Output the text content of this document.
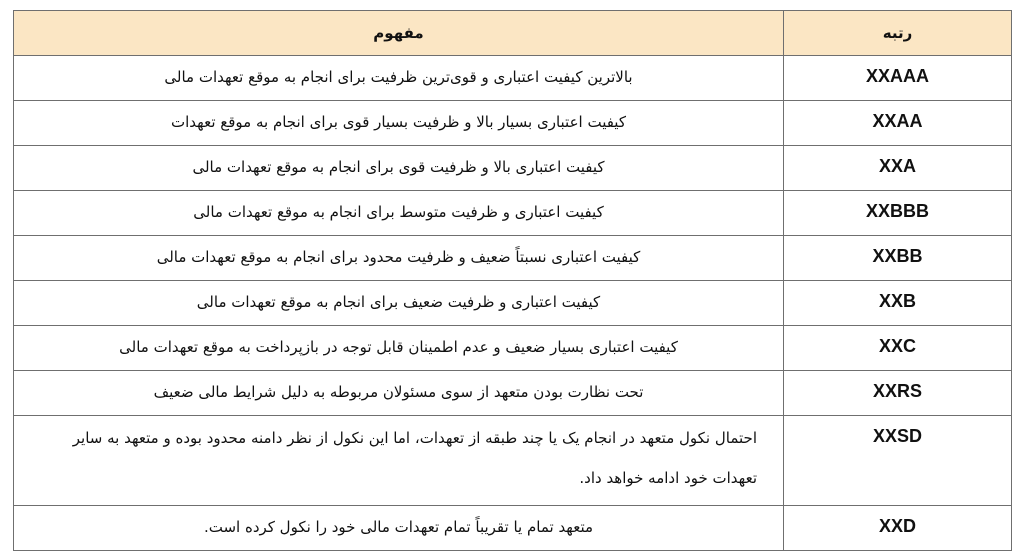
رتبه	مفهوم
XXAAA	بالاترین کیفیت اعتباری و قوی‌ترین ظرفیت برای انجام به موقع تعهدات مالی
XXAA	کیفیت اعتباری بسیار بالا و ظرفیت بسیار قوی برای انجام به موقع تعهدات
XXA	کیفیت اعتباری بالا و ظرفیت قوی برای انجام به موقع تعهدات مالی
XXBBB	کیفیت اعتباری و ظرفیت متوسط برای انجام به موقع تعهدات مالی
XXBB	کیفیت اعتباری نسبتاً ضعیف و ظرفیت محدود برای انجام به موقع تعهدات مالی
XXB	کیفیت اعتباری و ظرفیت ضعیف برای انجام به موقع تعهدات مالی
XXC	کیفیت اعتباری بسیار ضعیف و عدم اطمینان قابل توجه در بازپرداخت به موقع تعهدات مالی
XXRS	تحت نظارت بودن متعهد از سوی مسئولان مربوطه به دلیل شرایط مالی ضعیف
XXSD	احتمال نکول متعهد در انجام یک یا چند طبقه از تعهدات، اما این نکول از نظر دامنه محدود بوده و متعهد به سایر تعهدات خود ادامه خواهد داد.
XXD	متعهد تمام یا تقریباً تمام تعهدات مالی خود را نکول کرده است.
